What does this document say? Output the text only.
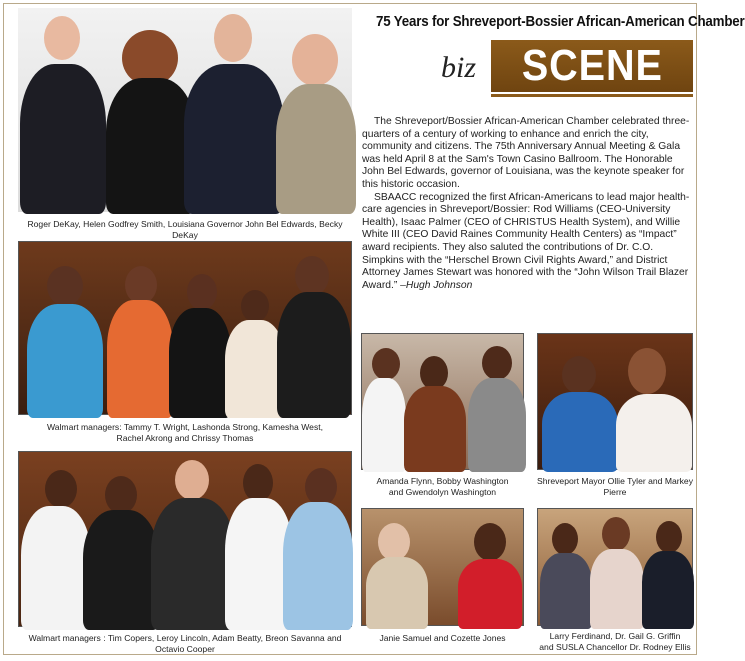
75 Years for Shreveport-Bossier African-American Chamber
biz SCENE

The Shreveport/Bossier African-American Chamber celebrated three-quarters of a century of working to enhance and enrich the city, community and citizens. The 75th Anniversary Annual Meeting & Gala was held April 8 at the Sam's Town Casino Ballroom. The Honorable John Bel Edwards, governor of Louisiana, was the keynote speaker for this historic occasion.

SBAACC recognized the first African-Americans to lead major health-care agencies in Shreveport/Bossier: Rod Williams (CEO-University Health), Isaac Palmer (CEO of CHRISTUS Health System), and Willie White III (CEO David Raines Community Health Centers) as “Impact” award recipients. They also saluted the contributions of Dr. C.O. Simpkins with the “Herschel Brown Civil Rights Award,” and District Attorney James Stewart was honored with the “John Wilson Trail Blazer Award.” –Hugh Johnson

Roger DeKay, Helen Godfrey Smith, Louisiana Governor John Bel Edwards, Becky DeKay
Walmart managers: Tammy T. Wright, Lashonda Strong, Kamesha West,
Rachel Akrong and Chrissy Thomas
Walmart managers : Tim Copers, Leroy Lincoln, Adam Beatty, Breon Savanna and Octavio Cooper
Amanda Flynn, Bobby Washington
and Gwendolyn Washington
Shreveport Mayor Ollie Tyler and Markey Pierre
Janie Samuel and Cozette Jones	Larry Ferdinand, Dr. Gail G. Griffin
and SUSLA Chancellor Dr. Rodney Ellis
